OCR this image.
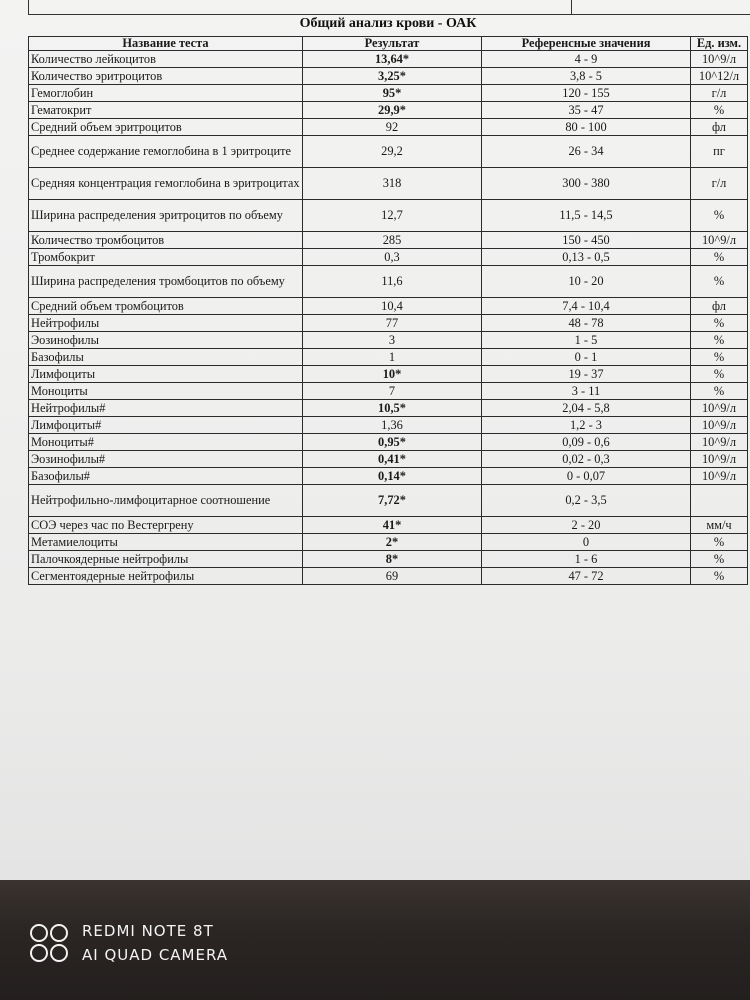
Общий анализ крови - ОАК
Название теста	Результат	Референсные значения	Ед. изм.
Количество лейкоцитов	13,64*	4 - 9	10^9/л
Количество эритроцитов	3,25*	3,8 - 5	10^12/л
Гемоглобин	95*	120 - 155	г/л
Гематокрит	29,9*	35 - 47	%
Средний объем эритроцитов	92	80 - 100	фл
Среднее содержание гемоглобина в 1 эритроците	29,2	26 - 34	пг
Средняя концентрация гемоглобина в эритроцитах	318	300 - 380	г/л
Ширина распределения эритроцитов по объему	12,7	11,5 - 14,5	%
Количество тромбоцитов	285	150 - 450	10^9/л
Тромбокрит	0,3	0,13 - 0,5	%
Ширина распределения тромбоцитов по объему	11,6	10 - 20	%
Средний объем тромбоцитов	10,4	7,4 - 10,4	фл
Нейтрофилы	77	48 - 78	%
Эозинофилы	3	1 - 5	%
Базофилы	1	0 - 1	%
Лимфоциты	10*	19 - 37	%
Моноциты	7	3 - 11	%
Нейтрофилы#	10,5*	2,04 - 5,8	10^9/л
Лимфоциты#	1,36	1,2 - 3	10^9/л
Моноциты#	0,95*	0,09 - 0,6	10^9/л
Эозинофилы#	0,41*	0,02 - 0,3	10^9/л
Базофилы#	0,14*	0 - 0,07	10^9/л
Нейтрофильно-лимфоцитарное соотношение	7,72*	0,2 - 3,5	
СОЭ через час по Вестергрену	41*	2 - 20	мм/ч
Метамиелоциты	2*	0	%
Палочкоядерные нейтрофилы	8*	1 - 6	%
Сегментоядерные нейтрофилы	69	47 - 72	%
REDMI NOTE 8T
AI QUAD CAMERA
